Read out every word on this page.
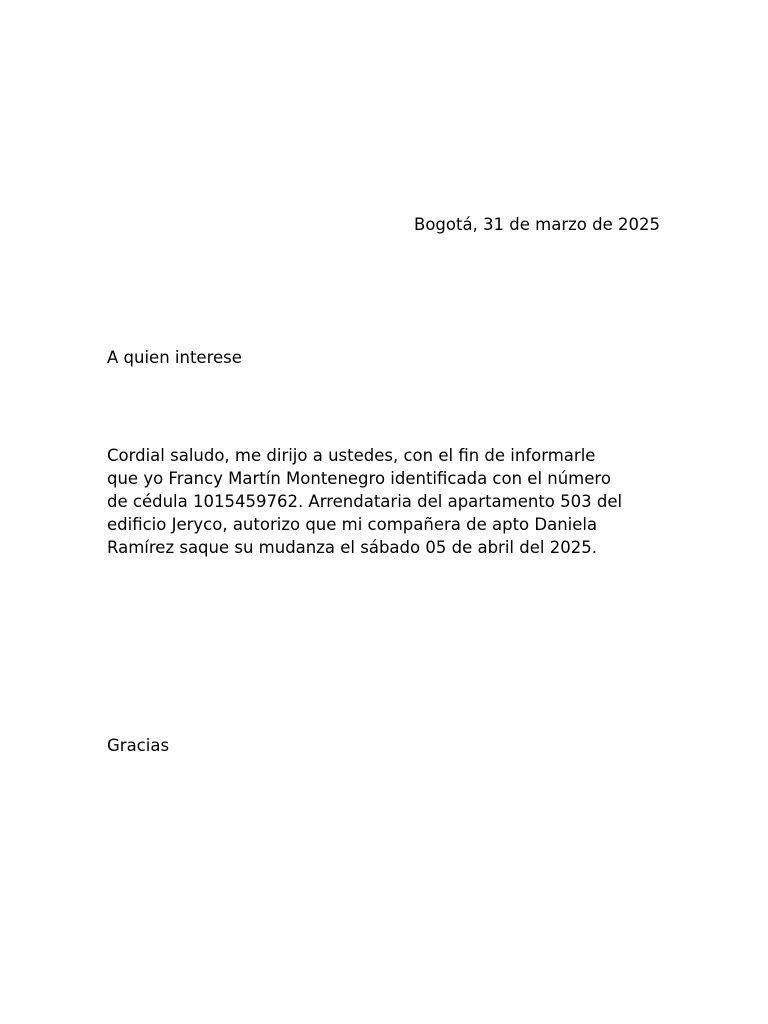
Bogotá, 31 de marzo de 2025
A quien interese
Cordial saludo, me dirijo a ustedes, con el fin de informarle
que yo Francy Martín Montenegro identificada con el número
de cédula 1015459762. Arrendataria del apartamento 503 del
edificio Jeryco, autorizo que mi compañera de apto Daniela
Ramírez saque su mudanza el sábado 05 de abril del 2025.
Gracias
